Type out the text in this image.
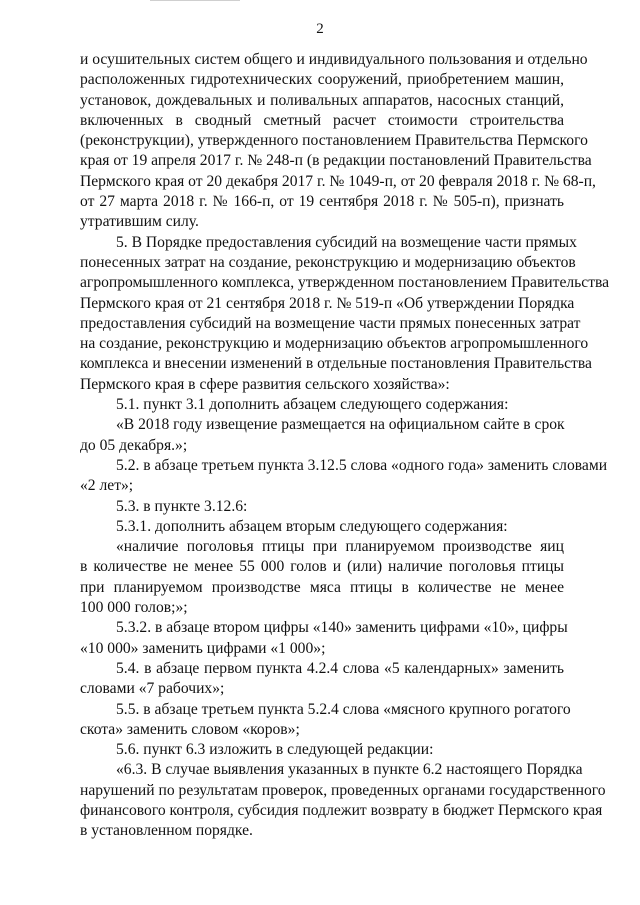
2

и осушительных систем общего и индивидуального пользования и отдельно
расположенных гидротехнических сооружений, приобретением машин,
установок, дождевальных и поливальных аппаратов, насосных станций,
включенных в сводный сметный расчет стоимости строительства
(реконструкции), утвержденного постановлением Правительства Пермского
края от 19 апреля 2017 г. № 248-п (в редакции постановлений Правительства
Пермского края от 20 декабря 2017 г. № 1049-п, от 20 февраля 2018 г. № 68-п,
от 27 марта 2018 г. № 166-п, от 19 сентября 2018 г. № 505-п), признать
утратившим силу.

5. В Порядке предоставления субсидий на возмещение части прямых
понесенных затрат на создание, реконструкцию и модернизацию объектов
агропромышленного комплекса, утвержденном постановлением Правительства
Пермского края от 21 сентября 2018 г. № 519-п «Об утверждении Порядка
предоставления субсидий на возмещение части прямых понесенных затрат
на создание, реконструкцию и модернизацию объектов агропромышленного
комплекса и внесении изменений в отдельные постановления Правительства
Пермского края в сфере развития сельского хозяйства»:

5.1. пункт 3.1 дополнить абзацем следующего содержания:

«В 2018 году извещение размещается на официальном сайте в срок
до 05 декабря.»;

5.2. в абзаце третьем пункта 3.12.5 слова «одного года» заменить словами
«2 лет»;

5.3. в пункте 3.12.6:

5.3.1. дополнить абзацем вторым следующего содержания:

«наличие поголовья птицы при планируемом производстве яиц
в количестве не менее 55 000 голов и (или) наличие поголовья птицы
при планируемом производстве мяса птицы в количестве не менее
100 000 голов;»;

5.3.2. в абзаце втором цифры «140» заменить цифрами «10», цифры
«10 000» заменить цифрами «1 000»;

5.4. в абзаце первом пункта 4.2.4 слова «5 календарных» заменить
словами «7 рабочих»;

5.5. в абзаце третьем пункта 5.2.4 слова «мясного крупного рогатого
скота» заменить словом «коров»;

5.6. пункт 6.3 изложить в следующей редакции:

«6.3. В случае выявления указанных в пункте 6.2 настоящего Порядка
нарушений по результатам проверок, проведенных органами государственного
финансового контроля, субсидия подлежит возврату в бюджет Пермского края
в установленном порядке.
